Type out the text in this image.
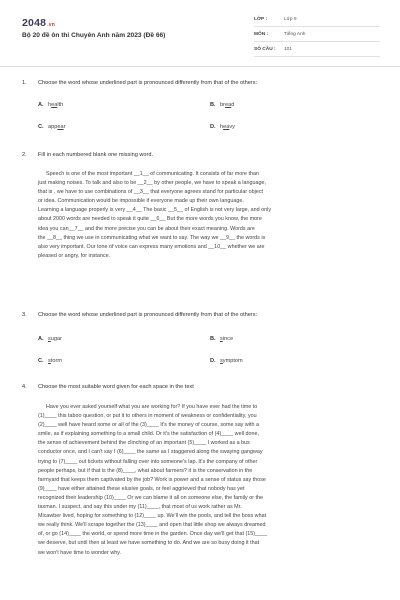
2048.vn
Bộ 20 đề ôn thi Chuyên Anh năm 2023 (Đề 66)
LỚP :	Lớp 9
MÔN :	Tiếng Anh
SỐ CÂU : 101
1. Choose the word whose underlined part is pronounced differently from that of the others:
A. health	B. bread
C. appear	D. heavy
2. Fill in each numbered blank one missing word.
Speech is one of the most important __1__ of communicating. It consists of far more than
just making noises. To talk and also to be __2__ by other people, we have to speak a language,
that is , we have to use combinations of __3__ that everyone agrees stand for particular object
or idea. Communication would be impossible if everyone made up their own language.
Learning a language properly is very __4__ The basic __5__ of English is not very large, and only
about 2000 words are needed to speak it quite __6__ But the more words you know, the more
idea you can__7__ and the more precise you can be about their exact meaning. Words are
the __8__ thing we use in communicating what we want to say. The way we __9__ the words is
also very important. Our tone of voice can express many emotions and __10__ whether we are
pleased or angry, for instance.
3. Choose the word whose underlined part is pronounced differently from that of the others:
A. sugar	B. since
C. storm	D. symptom
4. Choose the most suitable word given for each space in the text
Have you ever asked yourself what you are working for? If you have ever had the time to
(1)____ this taboo question, or put it to others in moment of weakness or confidentiality, you
(2)____ well have heard some or all of the (3)____ It's the money of course, some say with a
smile, as if explaining something to a small child. Or it's the satisfaction of (4)____ well done,
the sense of achievement behind the clinching of an important (5)____ I worked as a bus
conductor once, and I can't say I (6)____ the same as I staggered along the swaying gangway
trying to (7)____ out tickets without falling over into someone's lap. It's the company of other
people perhaps, but if that is the (8)____, what about farmers? it is the conservation in the
farmyard that keeps them captivated by the job? Work is power and a sense of status say those
(9)____ have either attained these elusive goals, or feel aggrieved that nobody has yet
recognized their leadership (10)____ Or we can blame it all on someone else, the family or the
taxman. I suspect, and say this under my (11)____, that most of us work rather as Mr.
Micawber lived, hoping for something to (12)____ up. We'll win the pools, and tell the boss what
we really think. We'll scrape together the (13)____ and open that little shop we always dreamed
of, or go (14)____ the world, or spend more time in the garden. Once day we'll get that (15)____
we deserve, but until then at least we have something to do. And we are so busy doing it that
we won't have time to wonder why.
